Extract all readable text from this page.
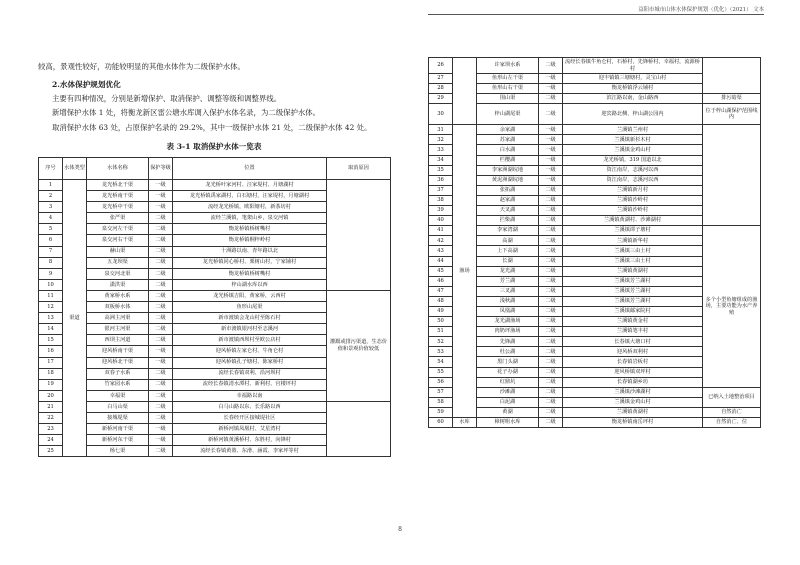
益阳市城市山体水体保护规划（优化）（2021） 文本

较高，景观性较好，功能较明显的其他水体作为二级保护水体。

2.水体保护规划优化

主要有四种情况，分别是新增保护、取消保护、调整等级和调整界线。

新增保护水体 1 处，将衡龙新区雷公塘水库调入保护水体名录，为二级保护水体。

取消保护水体 63 处，占原保护名录的 29.2%，其中一级保护水体 21 处，二级保护水体 42 处。

表 3-1 取消保护水体一览表
序号	水体类型	水体名称	保护等级	位置	取消原因
1	渠道	龙光桥北干渠	一级	龙光桥叶家河村、汪家堤村、月塘湖村	
2		龙光桥南干渠	一级	龙光桥镇禹家湖村，白石塘村，汪家堤村，月塘湖村	
3		龙光桥中干渠	一级	流经龙光桥镇，欧阳塘村，新茶坊村	
4		张严渠	二级	流经兰溪镇，笔架山乡，泉交河镇	
5		泉交河左干渠	二级	衡龙桥镇桥树嘴村	
6		泉交河右干渠	二级	衡龙桥镇桐梓岭村	
7		赫山渠	二级	十洲路以南、青年路以北	
8		五龙坝渠	二级	龙光桥镇同心桥村、栗树山村，宁家铺村	
9		泉交河北渠	二级	衡龙桥镇桥树嘴村	
10		潇洪渠	二级	梓山湖水库以西	
11		黄家桥水系	二级	龙光桥镇吉阳，黄家桥，云西村	灌溉或排污渠道，生态价值和景观价值较低
12		双板桥水体	二级	鱼形山尾渠	
13		高洲主河渠	二级	新市渡镇会龙山村至陈石村	
14		银河主河渠	二级	新市渡镇银河村至志溪河	
15		西坝主河道	二级	新市渡镇西坝村至欧公店村	
16		迎风桥南干渠	一级	迎风桥镇左家仑村、牛角仑村	
17		迎风桥北干渠	一级	迎风桥镇孔子塘村、陈家桥村	
18		双春子水系	二级	流经长春镇双利、沿河坝村	
19		竹家园水系	二级	流经长春镇清水潭村、新利村、官楼坪村	
20		幸福渠	二级	幸福路以南	
21		白马山渠	二级	白马山路以东、长乐路以西	
22		接城堤渠	二级	长春经开区接城堤社区	
23		新桥河南干渠	一级	新桥河镇凤凰村、艾星湾村	
24		新桥河东干渠	一级	新桥河镇黄溪桥村、东胜村，向锋村	
25		杨七渠	二级	流经长春镇黄篮、东滑、涵霞、李家坪等村	
26		许家坝水系	二级	流经长春镇牛角仑村，石桥村，先锋桥村，幸福村，流源桥村	
27		鱼形山左干渠	一级	迎丰镇镇三塘塘村，灵宝山村	
28		鱼形山右干渠	一级	衡龙桥镇浮云铺村	
29		围山渠	二级	滨江路以南，金山路西	排污暗渠
30		梓山湖尾渠	二级	迎宾路北侧，梓山湖公园内	位于梓山湖保护范围线内
31	渔场	余家湖	一级	兰溪镇兰州村	
32		苏家湖	一级	兰溪镇新杉木村	
33		白水湖	一级	兰溪镇金鸡山村	
34		栏樱湖	一级	龙光桥镇，319 国道以北	
35		李家洲湖垸地	一级	资江南岸，志溪河以西	
36		黄泥洲湖垸地	一级	资江南岸，志溪河以西	
37		张拓湖	二级	兰溪镇新月村	
38		赵家湖	二级	兰溪镇沙岭村	
39		天叉湖	二级	兰溪镇沙岭村	
40		拦柴湖	二级	兰溪镇黄湖村、沙滩湖村	
41		李家湾湖	二级	兰溪镇谭子塘村	多个小型鱼塘组成的渔场，主要功能为水产养殖
42		高湖	二级	兰溪镇新华村	
43		上下高湖	二级	兰溪镇三由土村	
44		长湖	二级	兰溪镇三由土村	
45		龙光湖	二级	兰溪镇黄湖村	
46		芳兰湖	二级	兰溪镇芳兰湖村	
47		三叉湖	二级	兰溪镇芳兰湖村	
48		浅秋湖	二级	兰溪镇芳兰湖村	
49		凤凰湖	二级	兰溪镇邮家院村	
50		龙光湖渔场	二级	兰溪镇黄金村	
51		肉奶坪渔场	二级	兰溪镇笔丰村	
52		先锋湖	二级	长春镇大塘口村	
53		杜公湖	二级	迎风桥双利村	
54		黑门头湖	二级	长春镇岩板村	
55		花子办湖	二级	迎风桥镇双坪村	
56		红鼎坑	二级	长春镇湖乡坊	
57		沙滩湖	二级	兰溪镇沙滩湖村	已纳入土地整治项目
58		白泥湖	二级	兰溪镇金鸡山村	
59		黄湖	二级	兰溪镇黄湖村	自然消亡
60	水库	樟树咀水库	二级	衡龙桥镇南岳坪村	自然消亡、位
8
